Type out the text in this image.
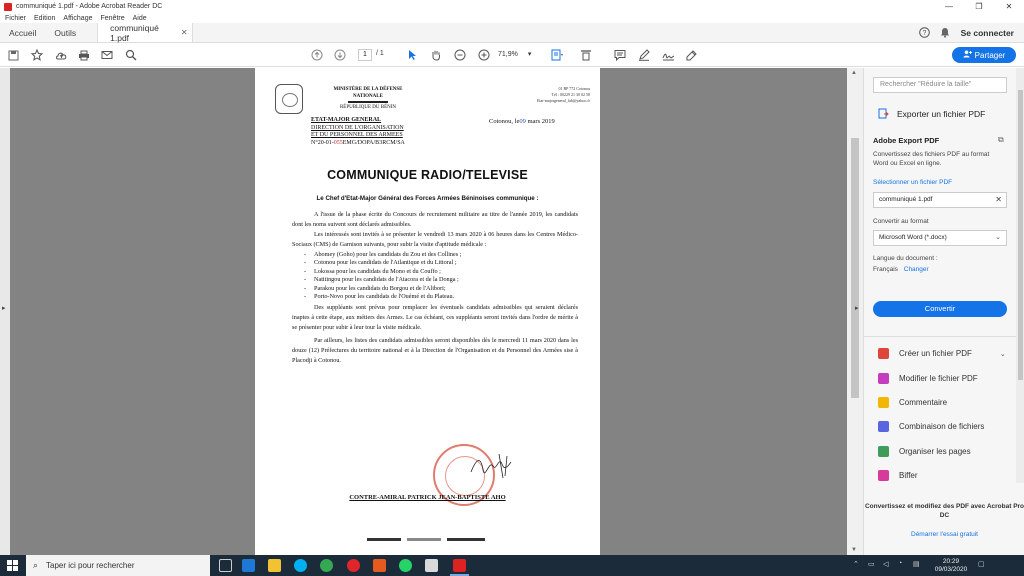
communiqué 1.pdf - Adobe Acrobat Reader DC	—	❐	✕
Fichier Edition Affichage Fenêtre Aide
Accueil	Outils	communiqué 1.pdf	✕	?	Se connecter
1	/ 1	71,9% ▾	Partager
▸
MINISTÈRE DE LA DÉFENSE
NATIONALE
RÉPUBLIQUE DU BÉNIN
01 BP 772 Cotonou
Tél : 00229 21 30 02 58
Etat-majorgeneral_fab@yahoo.fr
ETAT-MAJOR GENERAL
DIRECTION DE L'ORGANISATION
ET DU PERSONNEL DES ARMEES
N°20-01-055EMG/DOPA/B3RCM/SA
Cotonou, le09 mars 2019
COMMUNIQUE RADIO/TELEVISE
Le Chef d'Etat-Major Général des Forces Armées Béninoises communique :

A l'issue de la phase écrite du Concours de recrutement militaire au titre de l'année 2019, les candidats dont les noms suivent sont déclarés admissibles.

Les intéressés sont invités à se présenter le vendredi 13 mars 2020 à 06 heures dans les Centres Médico-Sociaux (CMS) de Garnison suivants, pour subir la visite d'aptitude médicale :

- Abomey (Goho) pour les candidats du Zou et des Collines ;
- Cotonou pour les candidats de l'Atlantique et du Littoral ;
- Lokossa pour les candidats du Mono et du Couffo ;
- Natitingou pour les candidats de l'Atacora et de la Donga ;
- Parakou pour les candidats du Borgou et de l'Alibori;
- Porto-Novo pour les candidats de l'Ouémé et du Plateau.

Des suppléants sont prévus pour remplacer les éventuels candidats admissibles qui seraient déclarés inaptes à cette étape, aux métiers des Armes. Le cas échéant, ces suppléants seront invités dans l'ordre de mérite à se présenter pour subir à leur tour la visite médicale.

Par ailleurs, les listes des candidats admissibles seront disponibles dès le mercredi 11 mars 2020 dans les douze (12) Préfectures du territoire national et à la Direction de l'Organisation et du Personnel des Armées sise à Placodji à Cotonou.

CONTRE-AMIRAL PATRICK JEAN-BAPTISTE AHO
▲
▼
Rechercher "Réduire la taille"
Exporter un fichier PDF
Adobe Export PDF	⧉
Convertissez des fichiers PDF au format Word ou Excel en ligne.
Sélectionner un fichier PDF
communiqué 1.pdf	✕
Convertir au format
Microsoft Word (*.docx)	⌄
Langue du document :
Français Changer
Convertir
Créer un fichier PDF	⌄
Modifier le fichier PDF
Commentaire
Combinaison de fichiers
Organiser les pages
Biffer
Convertissez et modifiez des PDF avec Acrobat Pro DC
Démarrer l'essai gratuit
▸
⌕ Taper ici pour rechercher	⌃ ▭ ◁ ◔ ▤	20:29
09/03/2020
▢
